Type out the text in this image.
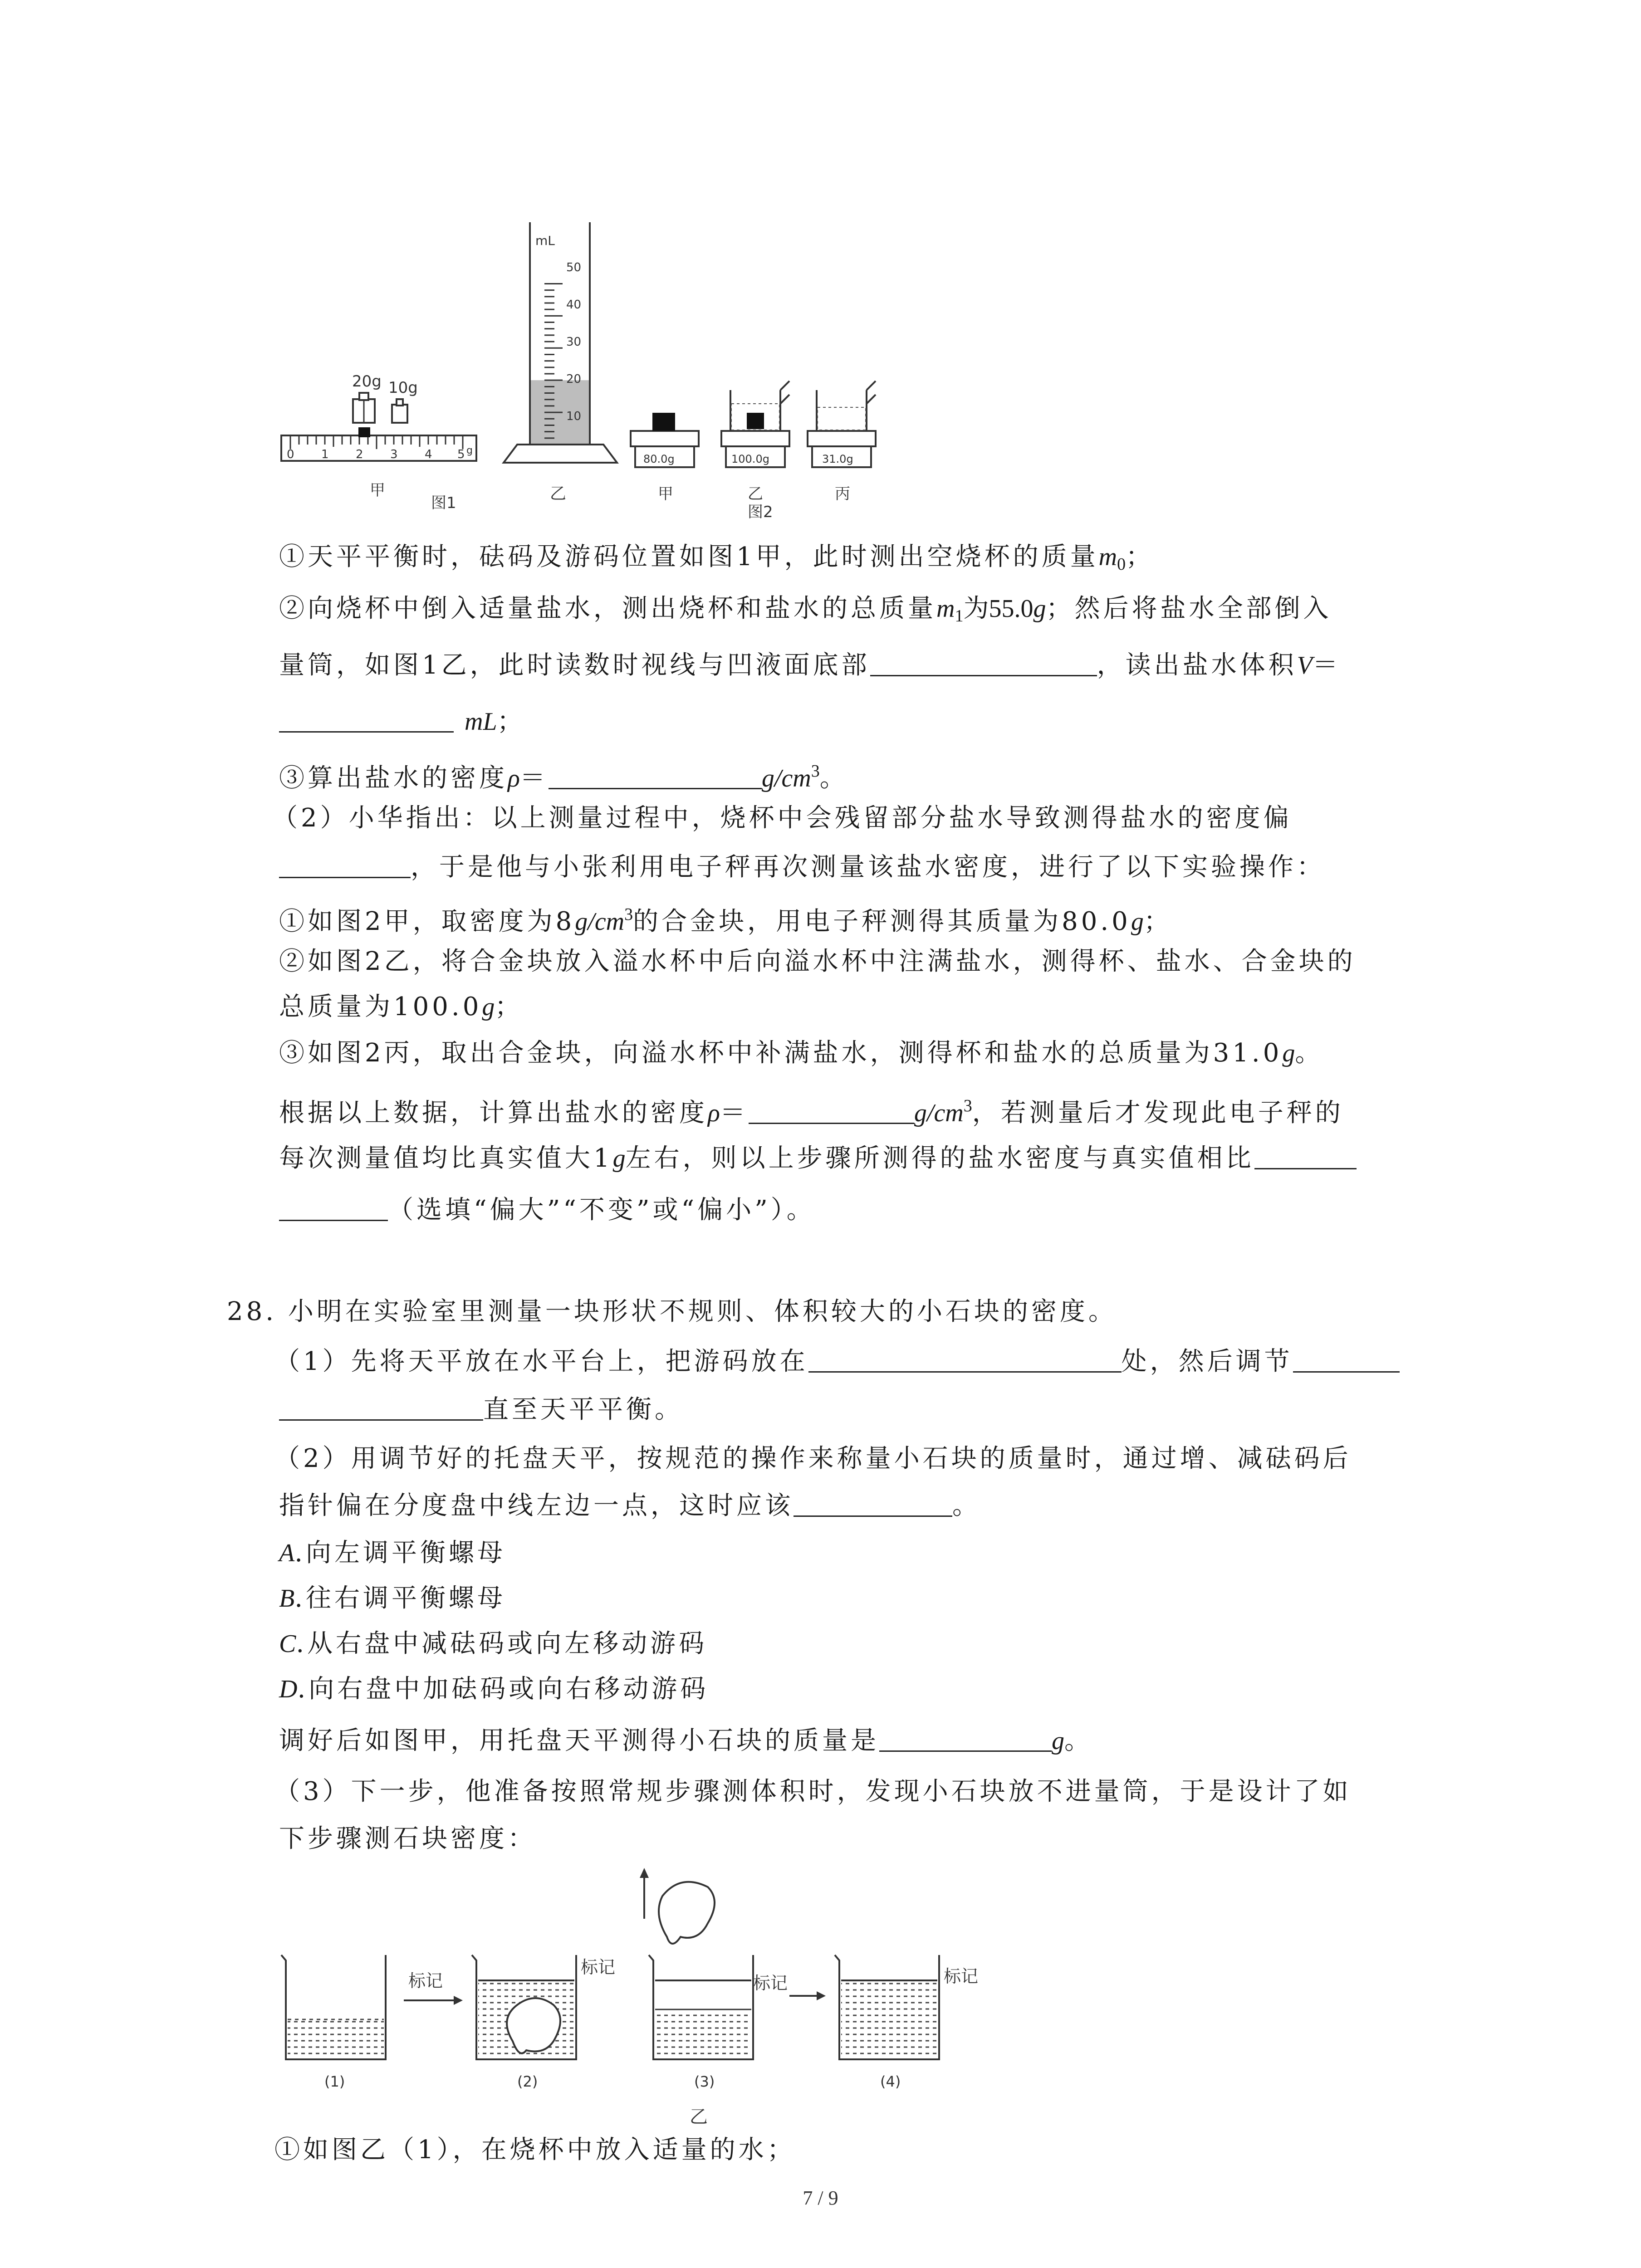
0 1 2 3 4 5 g
20g 10g
甲
图1
mL
50
40
30
20
10
乙
80.0g
甲
100.0g
乙
图2
31.0g
丙
①天平平衡时，砝码及游码位置如图1甲，此时测出空烧杯的质量$m_0$；
②向烧杯中倒入适量盐水，测出烧杯和盐水的总质量$m_1$为55.0g；然后将盐水全部倒入
量筒，如图1乙，此时读数时视线与凹液面底部	，读出盐水体积V＝
mL；
③算出盐水的密度ρ＝	$g/cm^3$。
（2）小华指出：以上测量过程中，烧杯中会残留部分盐水导致测得盐水的密度偏
，于是他与小张利用电子秤再次测量该盐水密度，进行了以下实验操作：
①如图2甲，取密度为$8g/cm^3$的合金块，用电子秤测得其质量为80.0g；
②如图2乙，将合金块放入溢水杯中后向溢水杯中注满盐水，测得杯、盐水、合金块的
总质量为100.0g；
③如图2丙，取出合金块，向溢水杯中补满盐水，测得杯和盐水的总质量为31.0g。
根据以上数据，计算出盐水的密度ρ＝	$g/cm^3$，若测量后才发现此电子秤的
每次测量值均比真实值大1g左右，则以上步骤所测得的盐水密度与真实值相比
（选填“偏大”“不变”或“偏小”）。
28. 小明在实验室里测量一块形状不规则、体积较大的小石块的密度。
（1）先将天平放在水平台上，把游码放在	处，然后调节
直至天平平衡。
（2）用调节好的托盘天平，按规范的操作来称量小石块的质量时，通过增、减砝码后
指针偏在分度盘中线左边一点，这时应该	。
A.向左调平衡螺母
B.往右调平衡螺母
C.从右盘中减砝码或向左移动游码
D.向右盘中加砝码或向右移动游码
调好后如图甲，用托盘天平测得小石块的质量是	g。
（3）下一步，他准备按照常规步骤测体积时，发现小石块放不进量筒，于是设计了如
下步骤测石块密度：
(1)
标记
(2)
标记
(3)
乙
标记
(4)
标记
①如图乙（1），在烧杯中放入适量的水；
7 / 9
